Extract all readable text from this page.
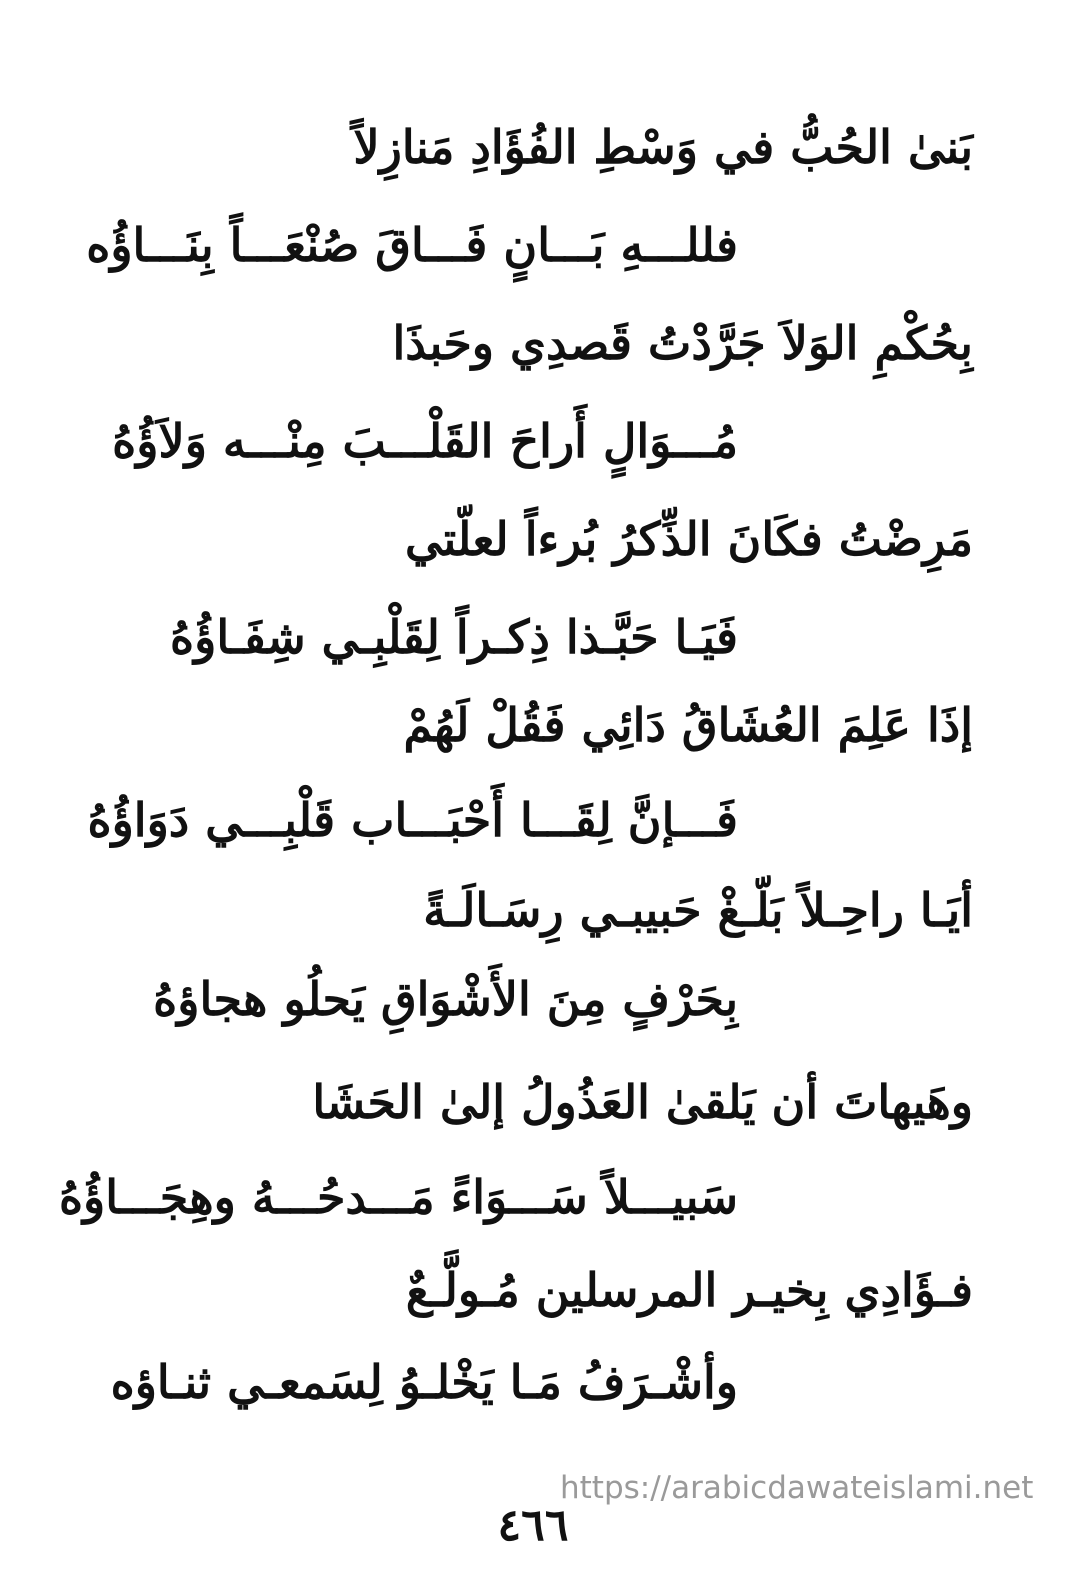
بَنىٰ الحُبُّ في وَسْطِ الفُؤَادِ مَنازِلاً
فللـــهِ بَـــانٍ فَـــاقَ صُنْعَـــاً بِنَـــاؤُه
بِحُكْمِ الوَلاَ جَرَّدْتُ قَصدِي وحَبذَا
مُـــوَالٍ أَراحَ القَلْـــبَ مِنْـــه وَلاَؤُهُ
مَرِضْتُ فكَانَ الذِّكرُ بُرءاً لعلّتي
فَيَـا حَبَّـذا ذِكـراً لِقَلْبِـي شِفَـاؤُهُ
إذَا عَلِمَ العُشَاقُ دَائِي فَقُلْ لَهُمْ
فَـــإنَّ لِقَـــا أَحْبَـــاب قَلْبِـــي دَوَاؤُهُ
أيَـا راحِـلاً بَلّـغْ حَبيبـي رِسَـالَـةً
بِحَرْفٍ مِنَ الأَشْوَاقِ يَحلُو هجاؤهُ
وهَيهاتَ أن يَلقىٰ العَذُولُ إلىٰ الحَشَا
سَبيـــلاً سَـــوَاءً مَـــدحُـــهُ وهِجَـــاؤُهُ
فـؤَادِي بِخيـر المرسلين مُـولَّـعٌ
وأشْـرَفُ مَـا يَخْلـوُ لِسَمعـي ثنـاؤه
https://arabicdawateislami.net
٤٦٦
